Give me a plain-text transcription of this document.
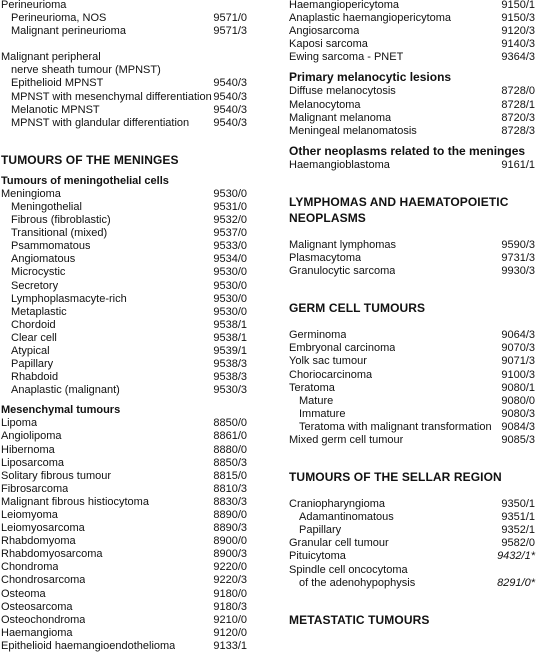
Perineurioma
Perineurioma, NOS	9571/0
Malignant perineurioma	9571/3
Malignant peripheral
nerve sheath tumour (MPNST)
Epithelioid MPNST	9540/3
MPNST with mesenchymal differentiation 9540/3
Melanotic MPNST	9540/3
MPNST with glandular differentiation 9540/3
TUMOURS OF THE MENINGES
Tumours of meningothelial cells
Meningioma	9530/0
Meningothelial	9531/0
Fibrous (fibroblastic)	9532/0
Transitional (mixed)	9537/0
Psammomatous	9533/0
Angiomatous	9534/0
Microcystic	9530/0
Secretory	9530/0
Lymphoplasmacyte-rich	9530/0
Metaplastic	9530/0
Chordoid	9538/1
Clear cell	9538/1
Atypical	9539/1
Papillary	9538/3
Rhabdoid	9538/3
Anaplastic (malignant)	9530/3
Mesenchymal tumours
Lipoma	8850/0
Angiolipoma	8861/0
Hibernoma	8880/0
Liposarcoma	8850/3
Solitary fibrous tumour	8815/0
Fibrosarcoma	8810/3
Malignant fibrous histiocytoma	8830/3
Leiomyoma	8890/0
Leiomyosarcoma	8890/3
Rhabdomyoma	8900/0
Rhabdomyosarcoma	8900/3
Chondroma	9220/0
Chondrosarcoma	9220/3
Osteoma	9180/0
Osteosarcoma	9180/3
Osteochondroma	9210/0
Haemangioma	9120/0
Epithelioid haemangioendothelioma	9133/1
Haemangiopericytoma	9150/1
Anaplastic haemangiopericytoma	9150/3
Angiosarcoma	9120/3
Kaposi sarcoma	9140/3
Ewing sarcoma - PNET	9364/3
Primary melanocytic lesions
Diffuse melanocytosis	8728/0
Melanocytoma	8728/1
Malignant melanoma	8720/3
Meningeal melanomatosis	8728/3
Other neoplasms related to the meninges
Haemangioblastoma	9161/1
LYMPHOMAS AND HAEMATOPOIETIC
NEOPLASMS
Malignant lymphomas	9590/3
Plasmacytoma	9731/3
Granulocytic sarcoma	9930/3
GERM CELL TUMOURS
Germinoma	9064/3
Embryonal carcinoma	9070/3
Yolk sac tumour	9071/3
Choriocarcinoma	9100/3
Teratoma	9080/1
Mature	9080/0
Immature	9080/3
Teratoma with malignant transformation 9084/3
Mixed germ cell tumour	9085/3
TUMOURS OF THE SELLAR REGION
Craniopharyngioma	9350/1
Adamantinomatous	9351/1
Papillary	9352/1
Granular cell tumour	9582/0
Pituicytoma	9432/1*
Spindle cell oncocytoma
of the adenohypophysis	8291/0*
METASTATIC TUMOURS
